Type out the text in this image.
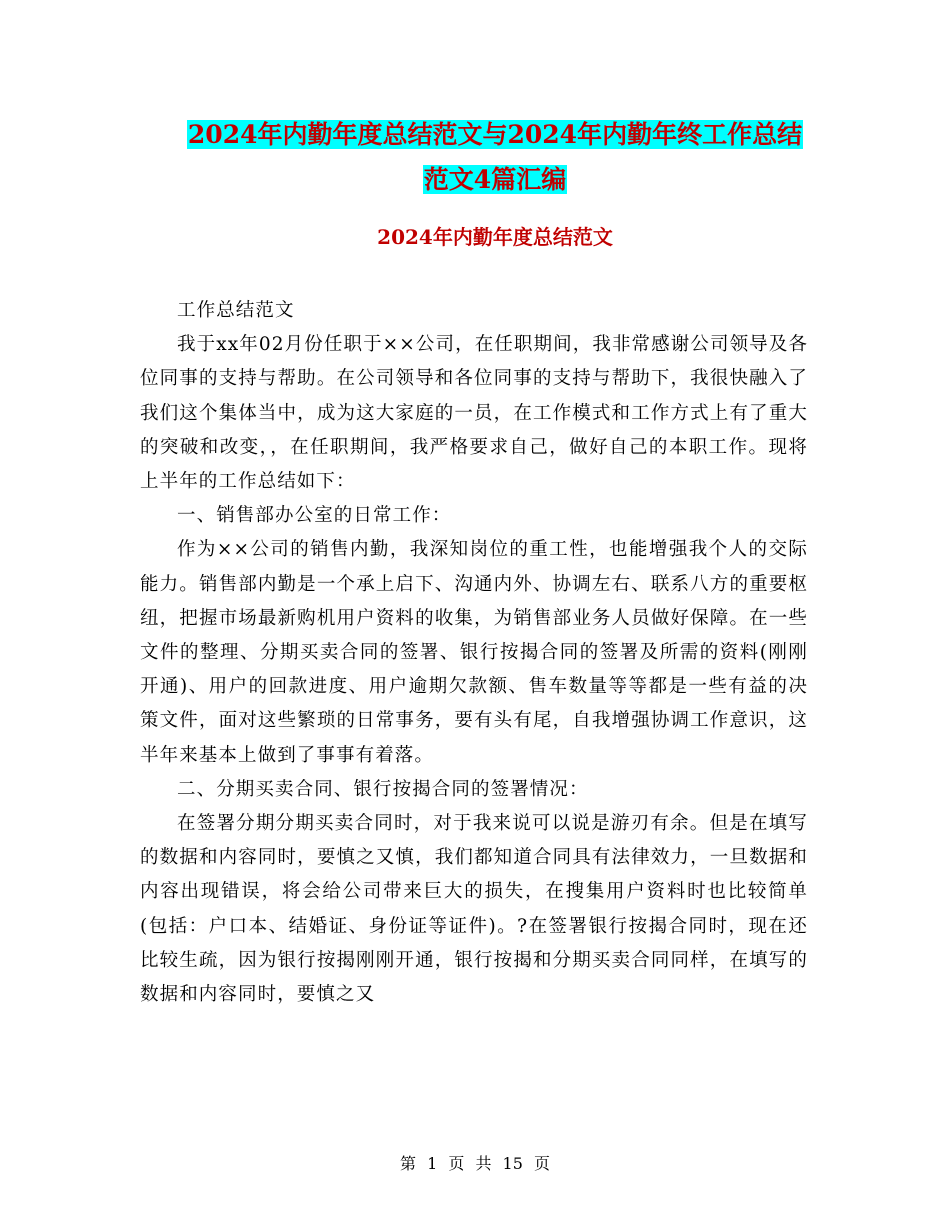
2024年内勤年度总结范文与2024年内勤年终工作总结
范文4篇汇编
2024年内勤年度总结范文

工作总结范文

我于xx年02月份任职于××公司，在任职期间，我非常感谢公司领导及各位同事的支持与帮助。在公司领导和各位同事的支持与帮助下，我很快融入了我们这个集体当中，成为这大家庭的一员，在工作模式和工作方式上有了重大的突破和改变，，在任职期间，我严格要求自己，做好自己的本职工作。现将上半年的工作总结如下：

一、销售部办公室的日常工作：

作为××公司的销售内勤，我深知岗位的重工性，也能增强我个人的交际能力。销售部内勤是一个承上启下、沟通内外、协调左右、联系八方的重要枢纽，把握市场最新购机用户资料的收集，为销售部业务人员做好保障。在一些文件的整理、分期买卖合同的签署、银行按揭合同的签署及所需的资料(刚刚开通)、用户的回款进度、用户逾期欠款额、售车数量等等都是一些有益的决策文件，面对这些繁琐的日常事务，要有头有尾，自我增强协调工作意识，这半年来基本上做到了事事有着落。

二、分期买卖合同、银行按揭合同的签署情况：

在签署分期分期买卖合同时，对于我来说可以说是游刃有余。但是在填写的数据和内容同时，要慎之又慎，我们都知道合同具有法律效力，一旦数据和内容出现错误，将会给公司带来巨大的损失，在搜集用户资料时也比较简单(包括：户口本、结婚证、身份证等证件)。?在签署银行按揭合同时，现在还比较生疏，因为银行按揭刚刚开通，银行按揭和分期买卖合同同样，在填写的数据和内容同时，要慎之又

第 1 页 共 15 页
